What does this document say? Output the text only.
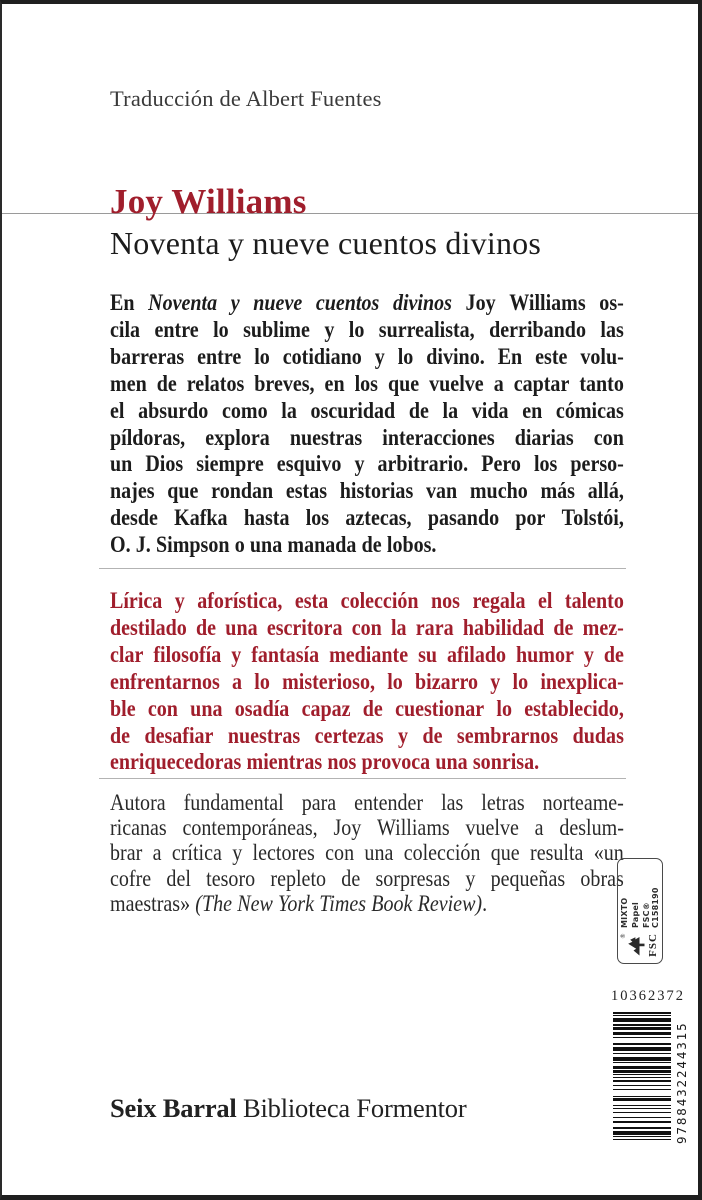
Traducción de Albert Fuentes
Joy Williams
Noventa y nueve cuentos divinos
En Noventa y nueve cuentos divinos Joy Williams os-
cila entre lo sublime y lo surrealista, derribando las
barreras entre lo cotidiano y lo divino. En este volu-
men de relatos breves, en los que vuelve a captar tanto
el absurdo como la oscuridad de la vida en cómicas
píldoras, explora nuestras interacciones diarias con
un Dios siempre esquivo y arbitrario. Pero los perso-
najes que rondan estas historias van mucho más allá,
desde Kafka hasta los aztecas, pasando por Tolstói,
O. J. Simpson o una manada de lobos.
Lírica y aforística, esta colección nos regala el talento
destilado de una escritora con la rara habilidad de mez-
clar filosofía y fantasía mediante su afilado humor y de
enfrentarnos a lo misterioso, lo bizarro y lo inexplica-
ble con una osadía capaz de cuestionar lo establecido,
de desafiar nuestras certezas y de sembrarnos dudas
enriquecedoras mientras nos provoca una sonrisa.
Autora fundamental para entender las letras norteame-
ricanas contemporáneas, Joy Williams vuelve a deslum-
brar a crítica y lectores con una colección que resulta «un
cofre del tesoro repleto de sorpresas y pequeñas obras
maestras» (The New York Times Book Review).
® FSC
MIXTO Papel FSC® C158190
10362372
9788432244315
Seix Barral Biblioteca Formentor
